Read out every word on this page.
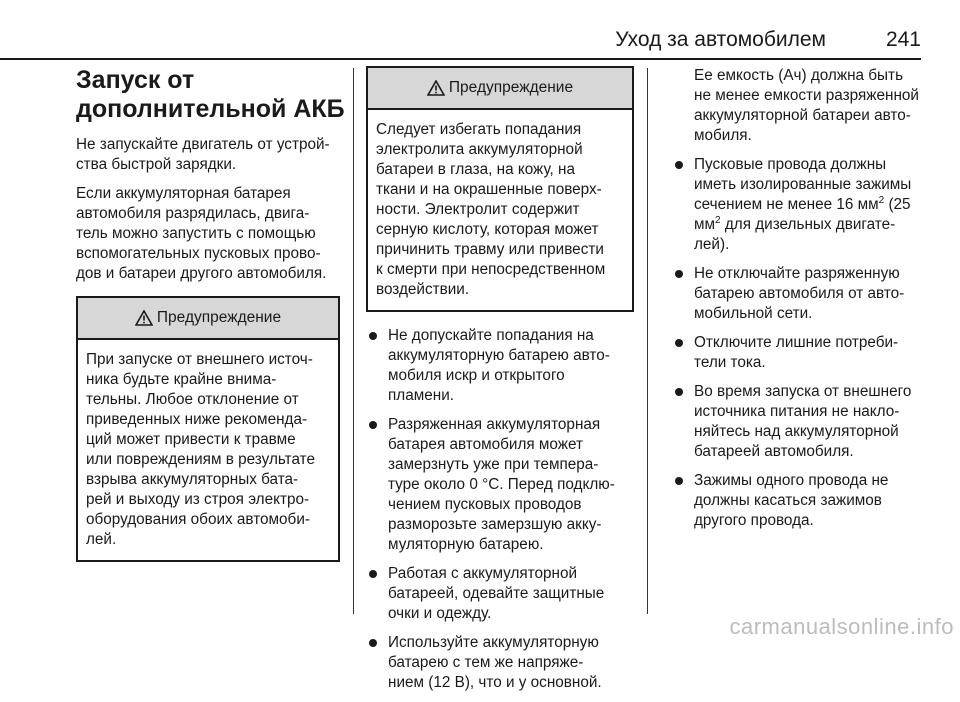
Уход за автомобилем	241
Запуск от
дополнительной АКБ

Не запускайте двигатель от устрой-
ства быстрой зарядки.

Если аккумуляторная батарея
автомобиля разрядилась, двига-
тель можно запустить с помощью
вспомогательных пусковых прово-
дов и батареи другого автомобиля.

Предупреждение
При запуске от внешнего источ-
ника будьте крайне внима-
тельны. Любое отклонение от
приведенных ниже рекоменда-
ций может привести к травме
или повреждениям в результате
взрыва аккумуляторных бата-
рей и выходу из строя электро-
оборудования обоих автомоби-
лей.
Предупреждение
Следует избегать попадания
электролита аккумуляторной
батареи в глаза, на кожу, на
ткани и на окрашенные поверх-
ности. Электролит содержит
серную кислоту, которая может
причинить травму или привести
к смерти при непосредственном
воздействии.
Не допускайте попадания на
аккумуляторную батарею авто-
мобиля искр и открытого
пламени.
Разряженная аккумуляторная
батарея автомобиля может
замерзнуть уже при темпера-
туре около 0 °C. Перед подклю-
чением пусковых проводов
разморозьте замерзшую акку-
муляторную батарею.
Работая с аккумуляторной
батареей, одевайте защитные
очки и одежду.
Используйте аккумуляторную
батарею с тем же напряже-
нием (12 В), что и у основной.

Ее емкость (Ач) должна быть
не менее емкости разряженной
аккумуляторной батареи авто-
мобиля.

Пусковые провода должны
иметь изолированные зажимы
сечением не менее 16 $мм^2$ (25
$мм^2$ для дизельных двигате-
лей).
Не отключайте разряженную
батарею автомобиля от авто-
мобильной сети.
Отключите лишние потреби-
тели тока.
Во время запуска от внешнего
источника питания не накло-
няйтесь над аккумуляторной
батареей автомобиля.
Зажимы одного провода не
должны касаться зажимов
другого провода.
carmanualsonline.info
